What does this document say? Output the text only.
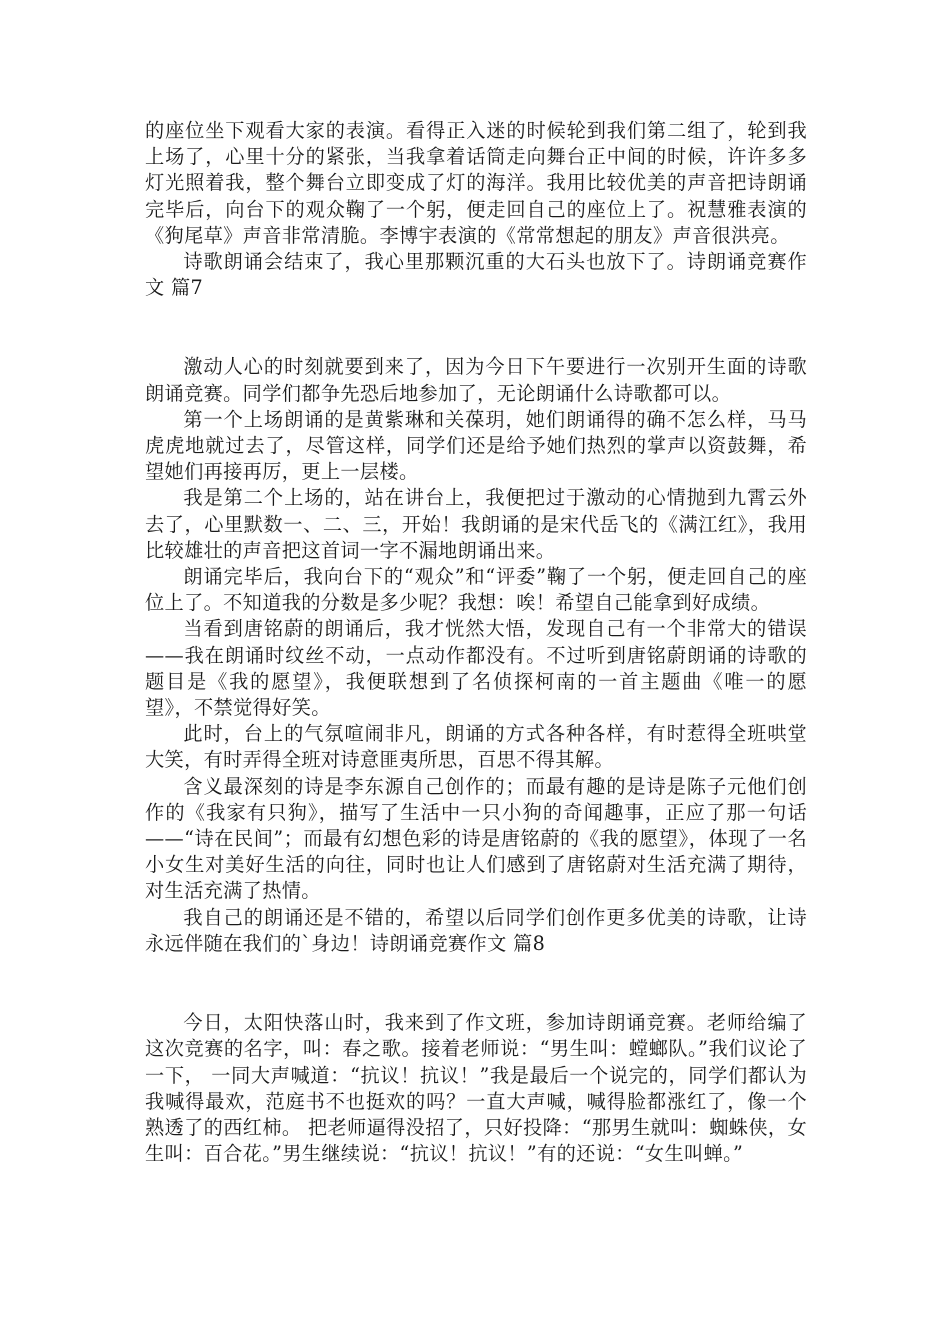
的座位坐下观看大家的表演。看得正入迷的时候轮到我们第二组了，轮到我上场了，心里十分的紧张，当我拿着话筒走向舞台正中间的时候，许许多多灯光照着我，整个舞台立即变成了灯的海洋。我用比较优美的声音把诗朗诵完毕后，向台下的观众鞠了一个躬，便走回自己的座位上了。祝慧雅表演的《狗尾草》声音非常清脆。李博宇表演的《常常想起的朋友》声音很洪亮。

诗歌朗诵会结束了，我心里那颗沉重的大石头也放下了。诗朗诵竞赛作文 篇7

激动人心的时刻就要到来了，因为今日下午要进行一次别开生面的诗歌朗诵竞赛。同学们都争先恐后地参加了，无论朗诵什么诗歌都可以。

第一个上场朗诵的是黄紫琳和关葆玥，她们朗诵得的确不怎么样，马马虎虎地就过去了，尽管这样，同学们还是给予她们热烈的掌声以资鼓舞，希望她们再接再厉，更上一层楼。

我是第二个上场的，站在讲台上，我便把过于激动的心情抛到九霄云外去了，心里默数一、二、三，开始！我朗诵的是宋代岳飞的《满江红》，我用比较雄壮的声音把这首词一字不漏地朗诵出来。

朗诵完毕后，我向台下的“观众”和“评委”鞠了一个躬，便走回自己的座位上了。不知道我的分数是多少呢？我想：唉！希望自己能拿到好成绩。

当看到唐铭蔚的朗诵后，我才恍然大悟，发现自己有一个非常大的错误——我在朗诵时纹丝不动，一点动作都没有。不过听到唐铭蔚朗诵的诗歌的题目是《我的愿望》，我便联想到了名侦探柯南的一首主题曲《唯一的愿望》，不禁觉得好笑。

此时，台上的气氛喧闹非凡，朗诵的方式各种各样，有时惹得全班哄堂大笑，有时弄得全班对诗意匪夷所思，百思不得其解。

含义最深刻的诗是李东源自己创作的；而最有趣的是诗是陈子元他们创作的《我家有只狗》，描写了生活中一只小狗的奇闻趣事，正应了那一句话——“诗在民间”；而最有幻想色彩的诗是唐铭蔚的《我的愿望》，体现了一名小女生对美好生活的向往，同时也让人们感到了唐铭蔚对生活充满了期待，对生活充满了热情。

我自己的朗诵还是不错的，希望以后同学们创作更多优美的诗歌，让诗永远伴随在我们的`身边！诗朗诵竞赛作文 篇8

今日，太阳快落山时，我来到了作文班，参加诗朗诵竞赛。老师给编了这次竞赛的名字，叫：春之歌。接着老师说：“男生叫：螳螂队。”我们议论了一下， 一同大声喊道：“抗议！抗议！”我是最后一个说完的，同学们都认为我喊得最欢，范庭书不也挺欢的吗？一直大声喊，喊得脸都涨红了，像一个熟透了的西红柿。 把老师逼得没招了，只好投降：“那男生就叫：蜘蛛侠，女生叫：百合花。”男生继续说：“抗议！抗议！”有的还说：“女生叫蝉。”
